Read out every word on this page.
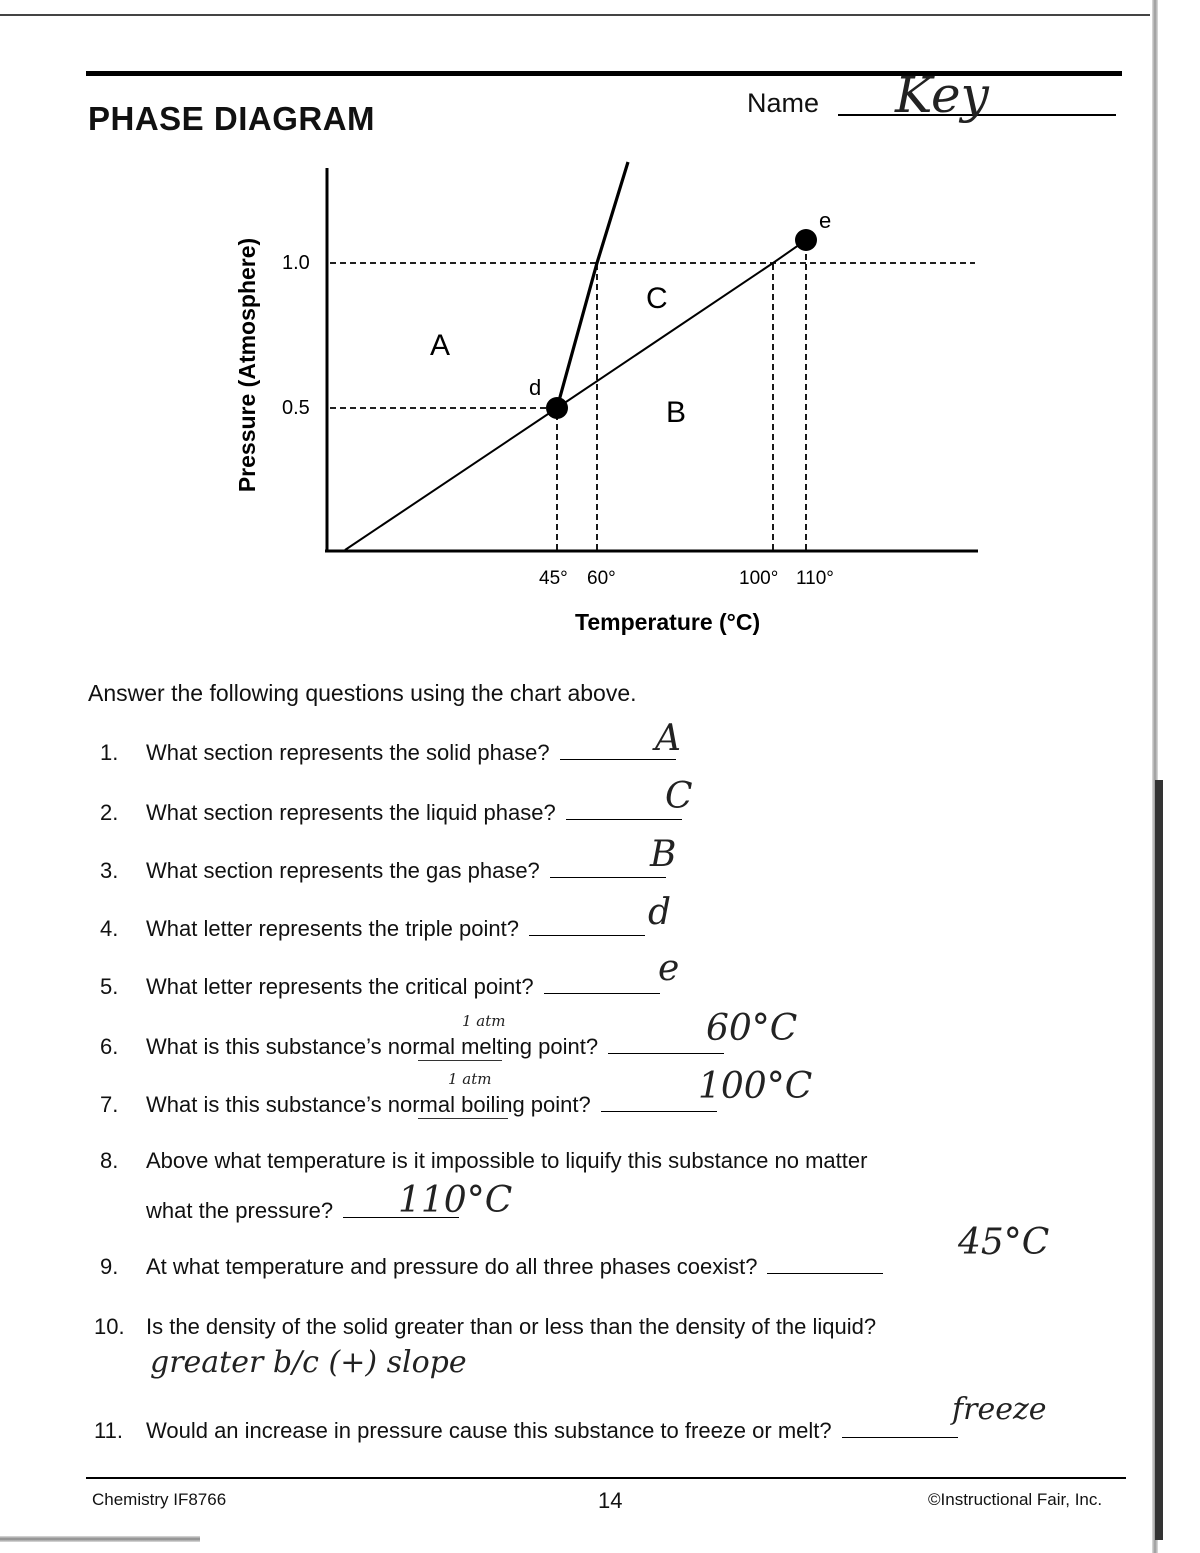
PHASE DIAGRAM	Name Key
d
e
A
B
C
1.0
0.5
45° 60°	100° 110°
Temperature (°C)
Pressure (Atmosphere)
Answer the following questions using the chart above.
1. What section represents the solid phase?	A
2. What section represents the liquid phase?	C
3. What section represents the gas phase?	B
4. What letter represents the triple point?	d
5. What letter represents the critical point?	e
1 atm
6. What is this substance’s normal melting point?	60°C
1 atm
7. What is this substance’s normal boiling point?	100°C
8. Above what temperature is it impossible to liquify this substance no matter
what the pressure?	110°C
9. At what temperature and pressure do all three phases coexist?
45°C
10. Is the density of the solid greater than or less than the density of the liquid?
greater b/c (+) slope
11. Would an increase in pressure cause this substance to freeze or melt?
freeze
Chemistry IF8766	14	©Instructional Fair, Inc.
